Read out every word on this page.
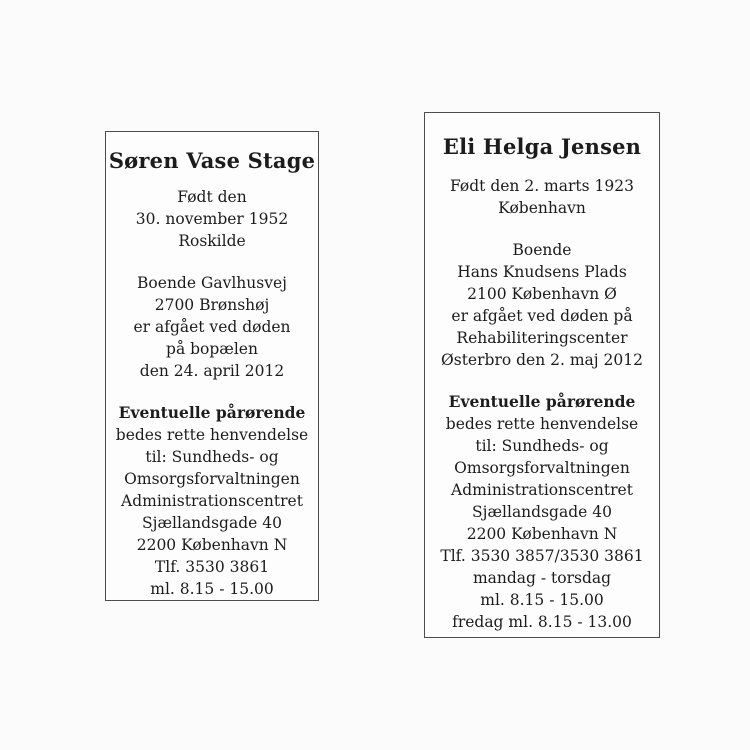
Søren Vase Stage
Født den
30. november 1952
Roskilde
Boende Gavlhusvej
2700 Brønshøj
er afgået ved døden
på bopælen
den 24. april 2012
Eventuelle pårørende
bedes rette henvendelse
til: Sundheds- og
Omsorgsforvaltningen
Administrationscentret
Sjællandsgade 40
2200 København N
Tlf. 3530 3861
ml. 8.15 - 15.00
Eli Helga Jensen
Født den 2. marts 1923
København
Boende
Hans Knudsens Plads
2100 København Ø
er afgået ved døden på
Rehabiliteringscenter
Østerbro den 2. maj 2012
Eventuelle pårørende
bedes rette henvendelse
til: Sundheds- og
Omsorgsforvaltningen
Administrationscentret
Sjællandsgade 40
2200 København N
Tlf. 3530 3857/3530 3861
mandag - torsdag
ml. 8.15 - 15.00
fredag ml. 8.15 - 13.00
